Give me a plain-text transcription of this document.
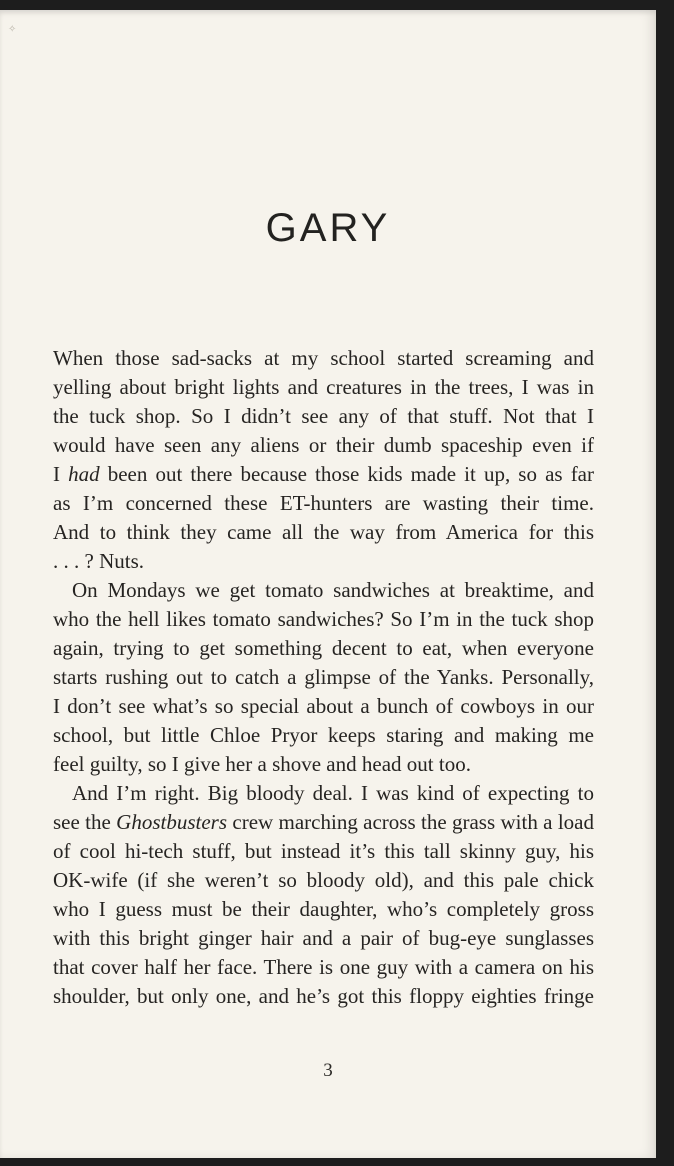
✧
GARY
When those sad-sacks at my school started screaming and
yelling about bright lights and creatures in the trees, I was in
the tuck shop. So I didn’t see any of that stuff. Not that I
would have seen any aliens or their dumb spaceship even if
I had been out there because those kids made it up, so as far
as I’m concerned these ET-hunters are wasting their time.
And to think they came all the way from America for this
. . . ? Nuts.
On Mondays we get tomato sandwiches at breaktime, and
who the hell likes tomato sandwiches? So I’m in the tuck shop
again, trying to get something decent to eat, when everyone
starts rushing out to catch a glimpse of the Yanks. Personally,
I don’t see what’s so special about a bunch of cowboys in our
school, but little Chloe Pryor keeps staring and making me
feel guilty, so I give her a shove and head out too.
And I’m right. Big bloody deal. I was kind of expecting to
see the Ghostbusters crew marching across the grass with a load
of cool hi-tech stuff, but instead it’s this tall skinny guy, his
OK-wife (if she weren’t so bloody old), and this pale chick
who I guess must be their daughter, who’s completely gross
with this bright ginger hair and a pair of bug-eye sunglasses
that cover half her face. There is one guy with a camera on his
shoulder, but only one, and he’s got this floppy eighties fringe
3
